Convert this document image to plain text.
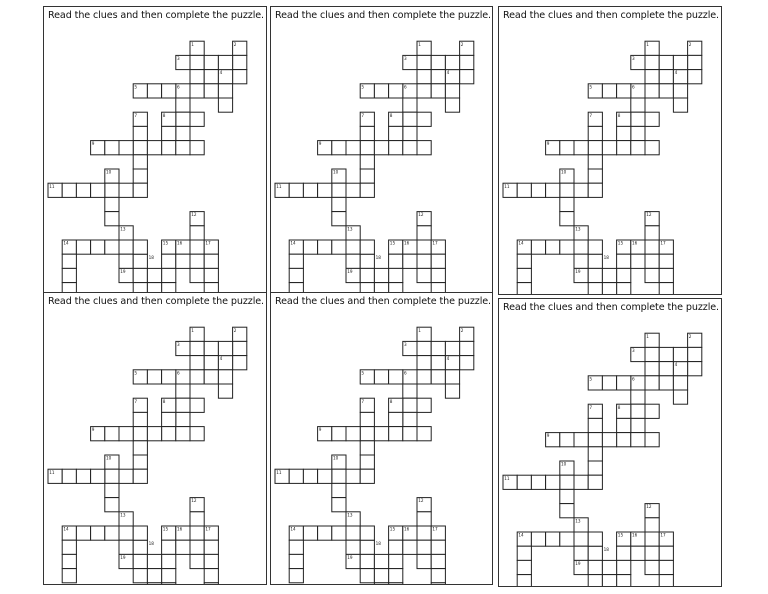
Read the clues and then complete the puzzle.
1	2
3
4
5	6
7	8
9
10
11
12
13
14	15 16	17
18
19
Read the clues and then complete the puzzle.
1	2
3
4
5	6
7	8
9
10
11
12
13
14	15 16	17
18
19
Read the clues and then complete the puzzle.
1	2
3
4
5	6
7	8
9
10
11
12
13
14	15 16	17
18
19
Read the clues and then complete the puzzle.
1	2
3
4
5	6
7	8
9
10
11
12
13
14	15 16	17
18
19
Read the clues and then complete the puzzle.
1	2
3
4
5	6
7	8
9
10
11
12
13
14	15 16	17
18
19
Read the clues and then complete the puzzle.
1	2
3
4
5	6
7	8
9
10
11
12
13
14	15 16	17
18
19
